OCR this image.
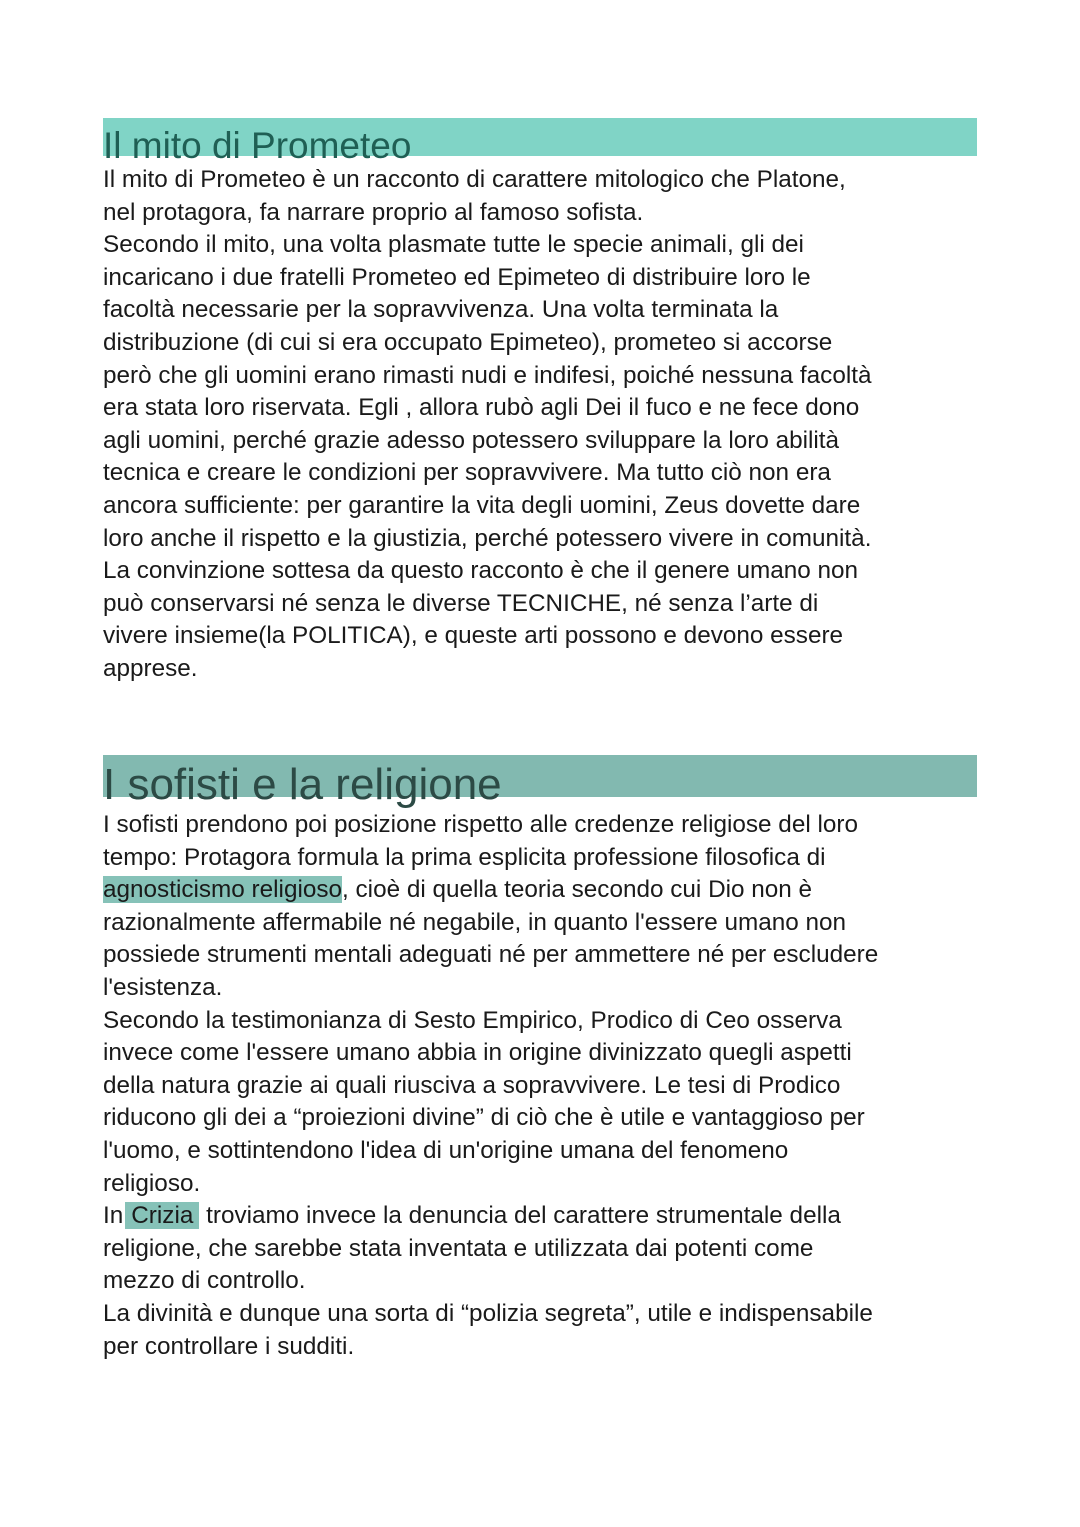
Il mito di Prometeo

Il mito di Prometeo è un racconto di carattere mitologico che Platone,
nel protagora, fa narrare proprio al famoso sofista.
Secondo il mito, una volta plasmate tutte le specie animali, gli dei
incaricano i due fratelli Prometeo ed Epimeteo di distribuire loro le
facoltà necessarie per la sopravvivenza. Una volta terminata la
distribuzione (di cui si era occupato Epimeteo), prometeo si accorse
però che gli uomini erano rimasti nudi e indifesi, poiché nessuna facoltà
era stata loro riservata. Egli , allora rubò agli Dei il fuco e ne fece dono
agli uomini, perché grazie adesso potessero sviluppare la loro abilità
tecnica e creare le condizioni per sopravvivere. Ma tutto ciò non era
ancora sufficiente: per garantire la vita degli uomini, Zeus dovette dare
loro anche il rispetto e la giustizia, perché potessero vivere in comunità.
La convinzione sottesa da questo racconto è che il genere umano non
può conservarsi né senza le diverse TECNICHE, né senza l’arte di
vivere insieme(la POLITICA), e queste arti possono e devono essere
apprese.

I sofisti e la religione

I sofisti prendono poi posizione rispetto alle credenze religiose del loro
tempo: Protagora formula la prima esplicita professione filosofica di
agnosticismo religioso, cioè di quella teoria secondo cui Dio non è
razionalmente affermabile né negabile, in quanto l'essere umano non
possiede strumenti mentali adeguati né per ammettere né per escludere
l'esistenza.
Secondo la testimonianza di Sesto Empirico, Prodico di Ceo osserva
invece come l'essere umano abbia in origine divinizzato quegli aspetti
della natura grazie ai quali riusciva a sopravvivere. Le tesi di Prodico
riducono gli dei a “proiezioni divine” di ciò che è utile e vantaggioso per
l'uomo, e sottintendono l'idea di un'origine umana del fenomeno
religioso.
In Crizia troviamo invece la denuncia del carattere strumentale della
religione, che sarebbe stata inventata e utilizzata dai potenti come
mezzo di controllo.
La divinità e dunque una sorta di “polizia segreta”, utile e indispensabile
per controllare i sudditi.
